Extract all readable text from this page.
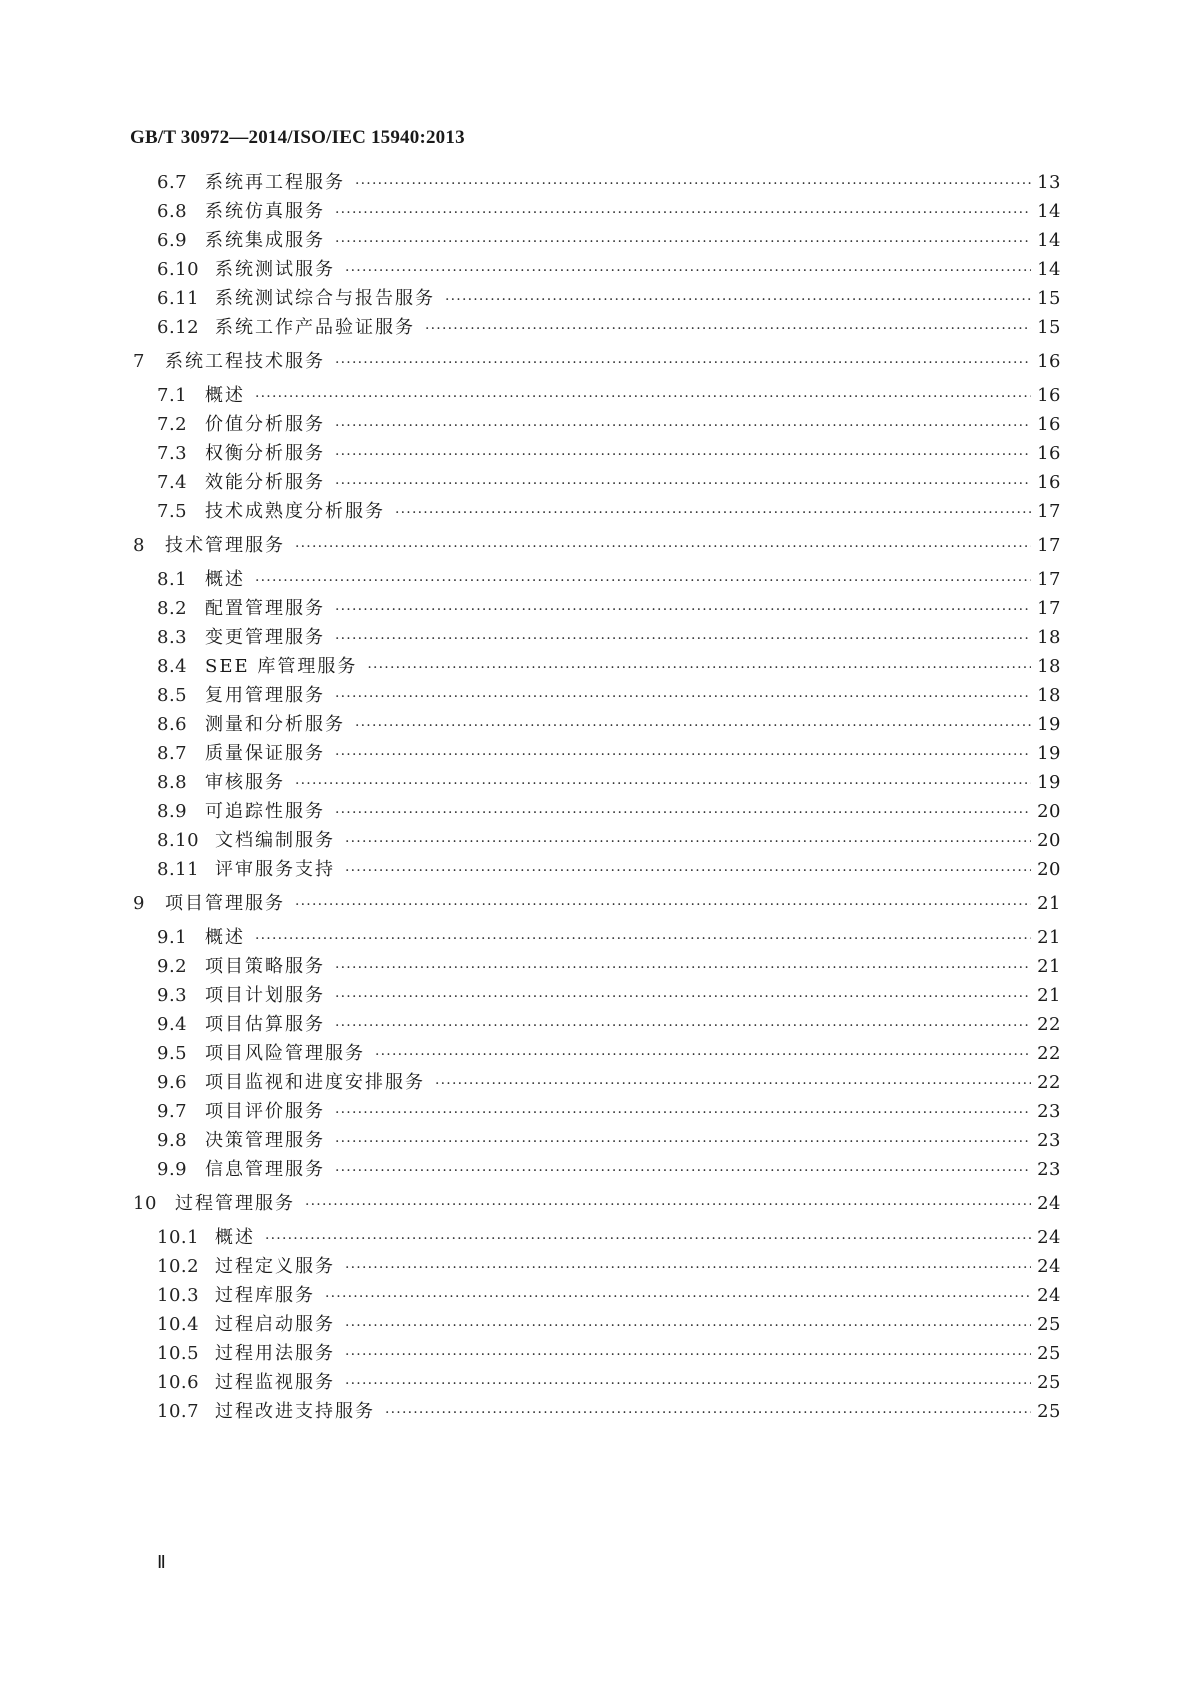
GB/T 30972—2014/ISO/IEC 15940:2013
6.7 系统再工程服务 ·····	13
6.8 系统仿真服务 ·····	14
6.9 系统集成服务 ·····	14
6.10 系统测试服务 ·····	14
6.11 系统测试综合与报告服务 ·····	15
6.12 系统工作产品验证服务 ·····	15
7	系统工程技术服务 ·····	16
7.1 概述 ·····	16
7.2 价值分析服务 ·····	16
7.3 权衡分析服务 ·····	16
7.4 效能分析服务 ·····	16
7.5 技术成熟度分析服务 ·····	17
8	技术管理服务 ·····	17
8.1 概述 ·····	17
8.2 配置管理服务 ·····	17
8.3 变更管理服务 ·····	18
8.4 SEE 库管理服务 ·····	18
8.5 复用管理服务 ·····	18
8.6 测量和分析服务 ·····	19
8.7 质量保证服务 ·····	19
8.8 审核服务 ·····	19
8.9 可追踪性服务 ·····	20
8.10 文档编制服务 ·····	20
8.11 评审服务支持 ·····	20
9	项目管理服务 ·····	21
9.1 概述 ·····	21
9.2 项目策略服务 ·····	21
9.3 项目计划服务 ·····	21
9.4 项目估算服务 ·····	22
9.5 项目风险管理服务 ·····	22
9.6 项目监视和进度安排服务 ·····	22
9.7 项目评价服务 ·····	23
9.8 决策管理服务 ·····	23
9.9 信息管理服务 ·····	23
10	过程管理服务 ·····	24
10.1 概述 ·····	24
10.2 过程定义服务 ·····	24
10.3 过程库服务 ·····	24
10.4 过程启动服务 ·····	25
10.5 过程用法服务 ·····	25
10.6 过程监视服务 ·····	25
10.7 过程改进支持服务 ·····	25
Ⅱ
